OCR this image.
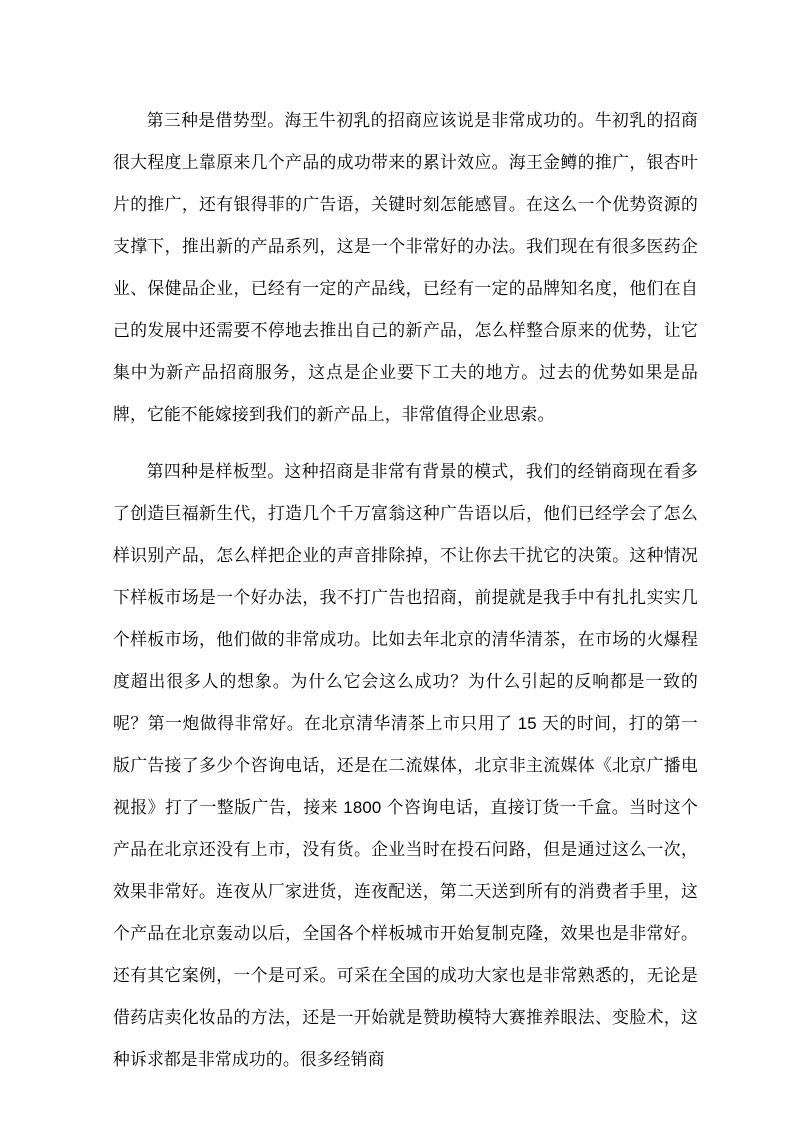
第三种是借势型。海王牛初乳的招商应该说是非常成功的。牛初乳的招商很大程度上靠原来几个产品的成功带来的累计效应。海王金鳟的推广，银杏叶片的推广，还有银得菲的广告语，关键时刻怎能感冒。在这么一个优势资源的支撑下，推出新的产品系列，这是一个非常好的办法。我们现在有很多医药企业、保健品企业，已经有一定的产品线，已经有一定的品牌知名度，他们在自己的发展中还需要不停地去推出自己的新产品，怎么样整合原来的优势，让它集中为新产品招商服务，这点是企业要下工夫的地方。过去的优势如果是品牌，它能不能嫁接到我们的新产品上，非常值得企业思索。

第四种是样板型。这种招商是非常有背景的模式，我们的经销商现在看多了创造巨福新生代，打造几个千万富翁这种广告语以后，他们已经学会了怎么样识别产品，怎么样把企业的声音排除掉，不让你去干扰它的决策。这种情况下样板市场是一个好办法，我不打广告也招商，前提就是我手中有扎扎实实几个样板市场，他们做的非常成功。比如去年北京的清华清茶，在市场的火爆程度超出很多人的想象。为什么它会这么成功？为什么引起的反响都是一致的呢？第一炮做得非常好。在北京清华清茶上市只用了 15 天的时间，打的第一版广告接了多少个咨询电话，还是在二流媒体，北京非主流媒体《北京广播电视报》打了一整版广告，接来 1800 个咨询电话，直接订货一千盒。当时这个产品在北京还没有上市，没有货。企业当时在投石问路，但是通过这么一次，效果非常好。连夜从厂家进货，连夜配送，第二天送到所有的消费者手里，这个产品在北京轰动以后，全国各个样板城市开始复制克隆，效果也是非常好。还有其它案例，一个是可采。可采在全国的成功大家也是非常熟悉的，无论是借药店卖化妆品的方法，还是一开始就是赞助模特大赛推养眼法、变脸术，这种诉求都是非常成功的。很多经销商
